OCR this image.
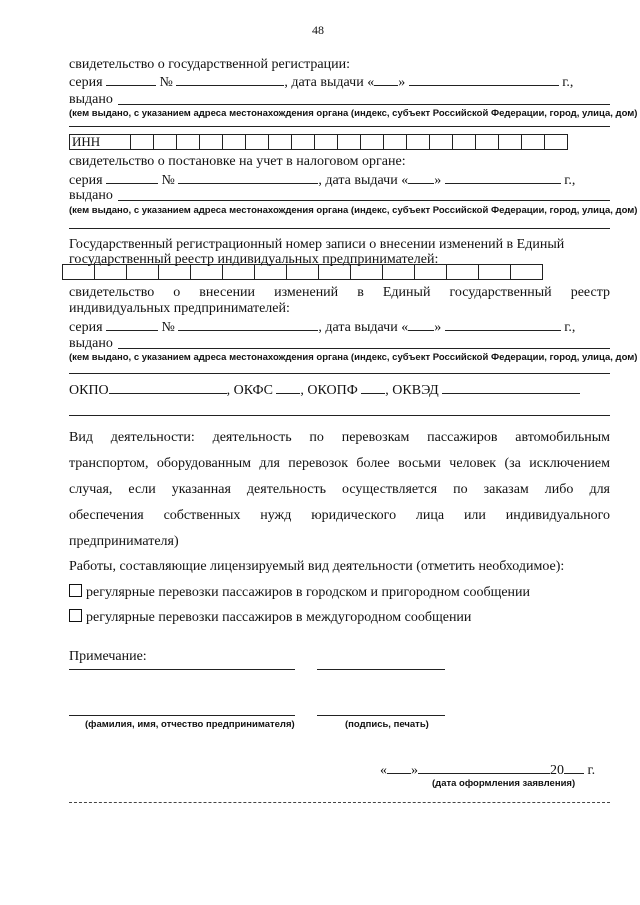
48
свидетельство о государственной регистрации:
серия	№	, дата выдачи « »	г.,
выдано
(кем выдано, с указанием адреса местонахождения органа (индекс, субъект Российской Федерации, город, улица, дом)
ИНН
свидетельство о постановке на учет в налоговом органе:
серия	№	, дата выдачи « »	г.,
выдано
(кем выдано, с указанием адреса местонахождения органа (индекс, субъект Российской Федерации, город, улица, дом)
Государственный регистрационный номер записи о внесении изменений в Единый
государственный реестр индивидуальных предпринимателей:
свидетельство о внесении изменений в Единый государственный реестр
индивидуальных предпринимателей:
серия	№	, дата выдачи « »	г.,
выдано
(кем выдано, с указанием адреса местонахождения органа (индекс, субъект Российской Федерации, город, улица, дом)
ОКПО	, ОКФС , ОКОПФ , ОКВЭД
Вид деятельности: деятельность по перевозкам пассажиров автомобильным
транспортом, оборудованным для перевозок более восьми человек (за исключением
случая, если указанная деятельность осуществляется по заказам либо для
обеспечения собственных нужд юридического лица или индивидуального
предпринимателя)
Работы, составляющие лицензируемый вид деятельности (отметить необходимое):
регулярные перевозки пассажиров в городском и пригородном сообщении
регулярные перевозки пассажиров в междугородном сообщении
Примечание:
(фамилия, имя, отчество предпринимателя)	(подпись, печать)
« »	20 г.
(дата оформления заявления)
